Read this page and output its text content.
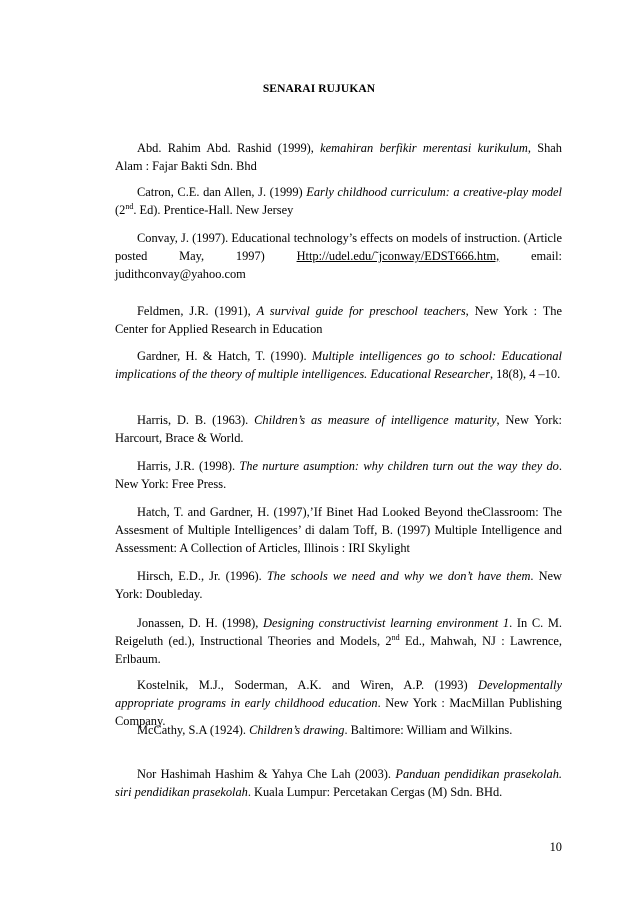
SENARAI RUJUKAN

Abd. Rahim Abd. Rashid (1999), kemahiran berfikir merentasi kurikulum, Shah Alam : Fajar Bakti Sdn. Bhd

Catron, C.E. dan Allen, J. (1999) Early childhood curriculum: a creative-play model (2nd. Ed). Prentice-Hall. New Jersey

Convay, J. (1997). Educational technology’s effects on models of instruction. (Article posted May, 1997) Http://udel.edu/˜jconway/EDST666.htm, email: judithconvay@yahoo.com

Feldmen, J.R. (1991), A survival guide for preschool teachers, New York : The Center for Applied Research in Education

Gardner, H. & Hatch, T. (1990). Multiple intelligences go to school: Educational implications of the theory of multiple intelligences. Educational Researcher, 18(8), 4 –10.

Harris, D. B. (1963). Children’s as measure of intelligence maturity, New York: Harcourt, Brace & World.

Harris, J.R. (1998). The nurture asumption: why children turn out the way they do. New York: Free Press.

Hatch, T. and Gardner, H. (1997),’If Binet Had Looked Beyond theClassroom: The Assesment of Multiple Intelligences’ di dalam Toff, B. (1997) Multiple Intelligence and Assessment: A Collection of Articles, Illinois : IRI Skylight

Hirsch, E.D., Jr. (1996). The schools we need and why we don’t have them. New York: Doubleday.

Jonassen, D. H. (1998), Designing constructivist learning environment 1. In C. M. Reigeluth (ed.), Instructional Theories and Models, 2nd Ed., Mahwah, NJ : Lawrence, Erlbaum.

Kostelnik, M.J., Soderman, A.K. and Wiren, A.P. (1993) Developmentally appropriate programs in early childhood education. New York : MacMillan Publishing Company.

McCathy, S.A (1924). Children’s drawing. Baltimore: William and Wilkins.

Nor Hashimah Hashim & Yahya Che Lah (2003). Panduan pendidikan prasekolah. siri pendidikan prasekolah. Kuala Lumpur: Percetakan Cergas (M) Sdn. BHd.

10
